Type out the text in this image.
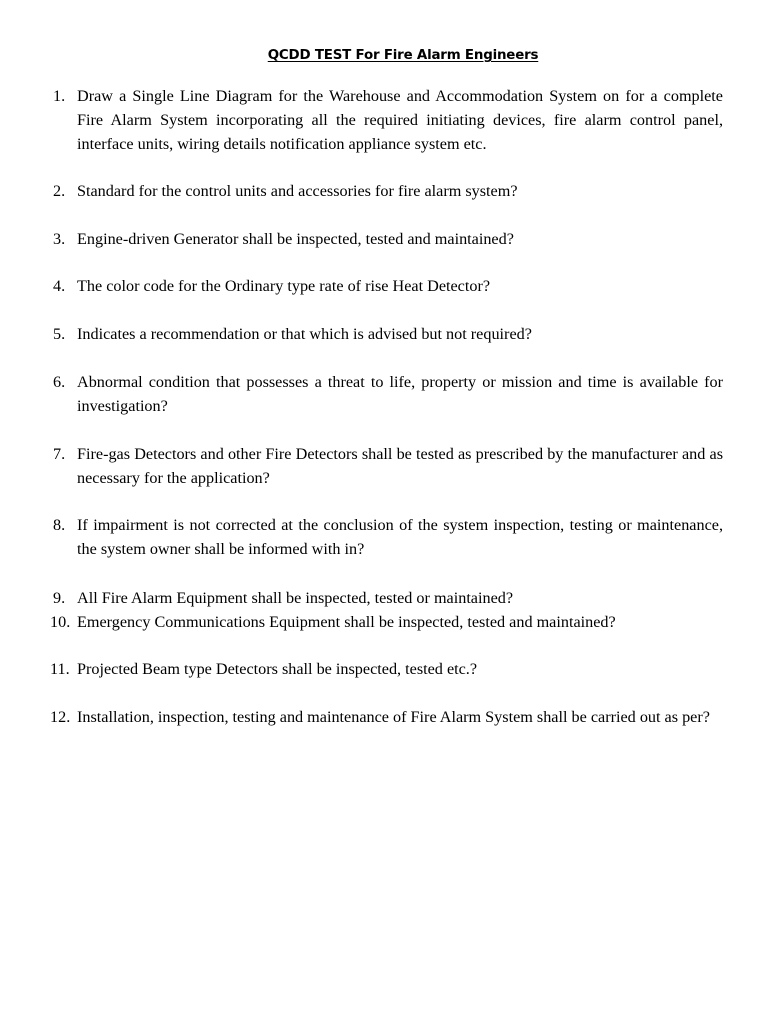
QCDD TEST For Fire Alarm Engineers
1. Draw a Single Line Diagram for the Warehouse and Accommodation System on for a complete Fire Alarm System incorporating all the required initiating devices, fire alarm control panel, interface units, wiring details notification appliance system etc.
2. Standard for the control units and accessories for fire alarm system?
3. Engine-driven Generator shall be inspected, tested and maintained?
4. The color code for the Ordinary type rate of rise Heat Detector?
5. Indicates a recommendation or that which is advised but not required?
6. Abnormal condition that possesses a threat to life, property or mission and time is available for investigation?
7. Fire-gas Detectors and other Fire Detectors shall be tested as prescribed by the manufacturer and as necessary for the application?
8. If impairment is not corrected at the conclusion of the system inspection, testing or maintenance, the system owner shall be informed with in?
9. All Fire Alarm Equipment shall be inspected, tested or maintained?
10. Emergency Communications Equipment shall be inspected, tested and maintained?
11. Projected Beam type Detectors shall be inspected, tested etc.?
12. Installation, inspection, testing and maintenance of Fire Alarm System shall be carried out as per?
